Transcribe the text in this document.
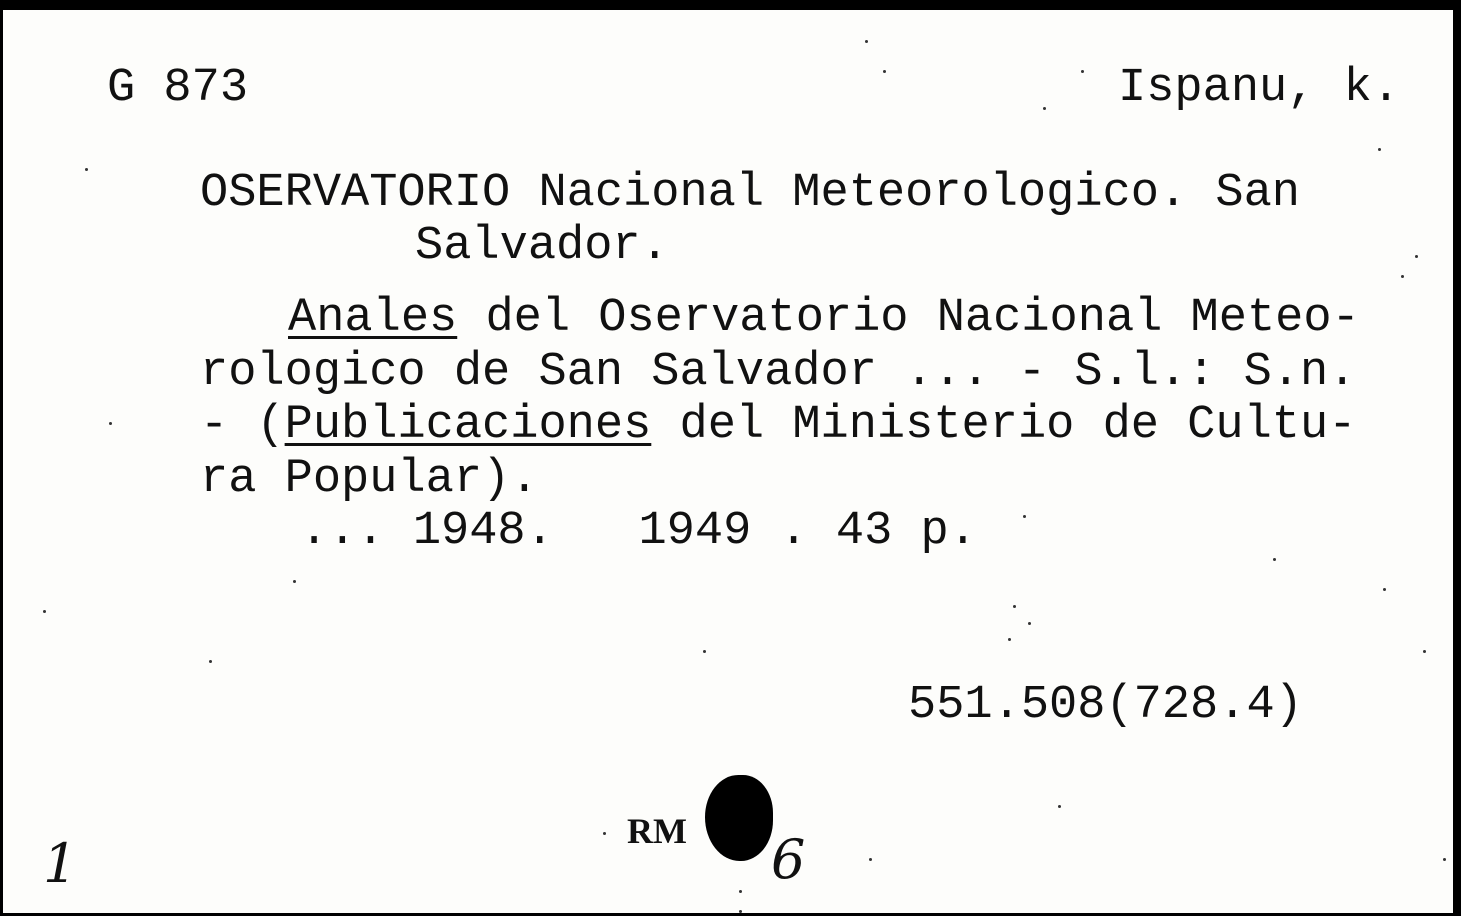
G 873	Ispanu, k.
OSERVATORIO Nacional Meteorologico. San
Salvador.
Anales del Oservatorio Nacional Meteo-
rologico de San Salvador ... - S.l.: S.n.
- (Publicaciones del Ministerio de Cultu-
ra Popular).
... 1948.   1949 . 43 p.
551.508(728.4)
RM
1	6
